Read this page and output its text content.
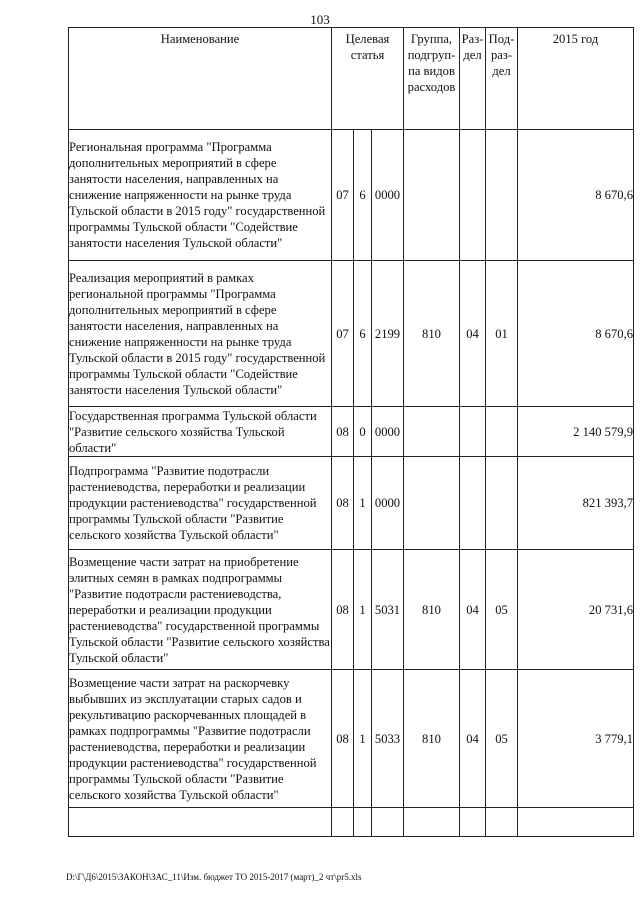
103
Наименование	Целевая статья			Группа, подгруп-па видов расходов	Раз-дел	Под-раз-дел	2015 год
Региональная программа "Программа дополнительных мероприятий в сфере занятости населения, направленных на снижение напряженности на рынке труда Тульской области в 2015 году" государственной программы Тульской области "Содействие занятости населения Тульской области"	07	6	0000				8 670,6
Реализация мероприятий в рамках региональной программы "Программа дополнительных мероприятий в сфере занятости населения, направленных на снижение напряженности на рынке труда Тульской области в 2015 году" государственной программы Тульской области "Содействие занятости населения Тульской области"	07	6	2199	810	04	01	8 670,6
Государственная программа Тульской области "Развитие сельского хозяйства Тульской области"	08	0	0000				2 140 579,9
Подпрограмма "Развитие подотрасли растениеводства, переработки и реализации продукции растениеводства" государственной программы Тульской области "Развитие сельского хозяйства Тульской области"	08	1	0000				821 393,7
Возмещение части затрат на приобретение элитных семян в рамках подпрограммы "Развитие подотрасли растениеводства, переработки и реализации продукции растениеводства" государственной программы Тульской области "Развитие сельского хозяйства Тульской области"	08	1	5031	810	04	05	20 731,6
Возмещение части затрат на раскорчевку выбывших из эксплуатации старых садов и рекультивацию раскорчеванных площадей в рамках подпрограммы "Развитие подотрасли растениеводства, переработки и реализации продукции растениеводства" государственной программы Тульской области "Развитие сельского хозяйства Тульской области"	08	1	5033	810	04	05	3 779,1

D:\Г\Д6\2015\ЗАКОН\ЗАС_11\Изм. бюджет ТО 2015-2017 (март)_2 чт\pr5.xls
